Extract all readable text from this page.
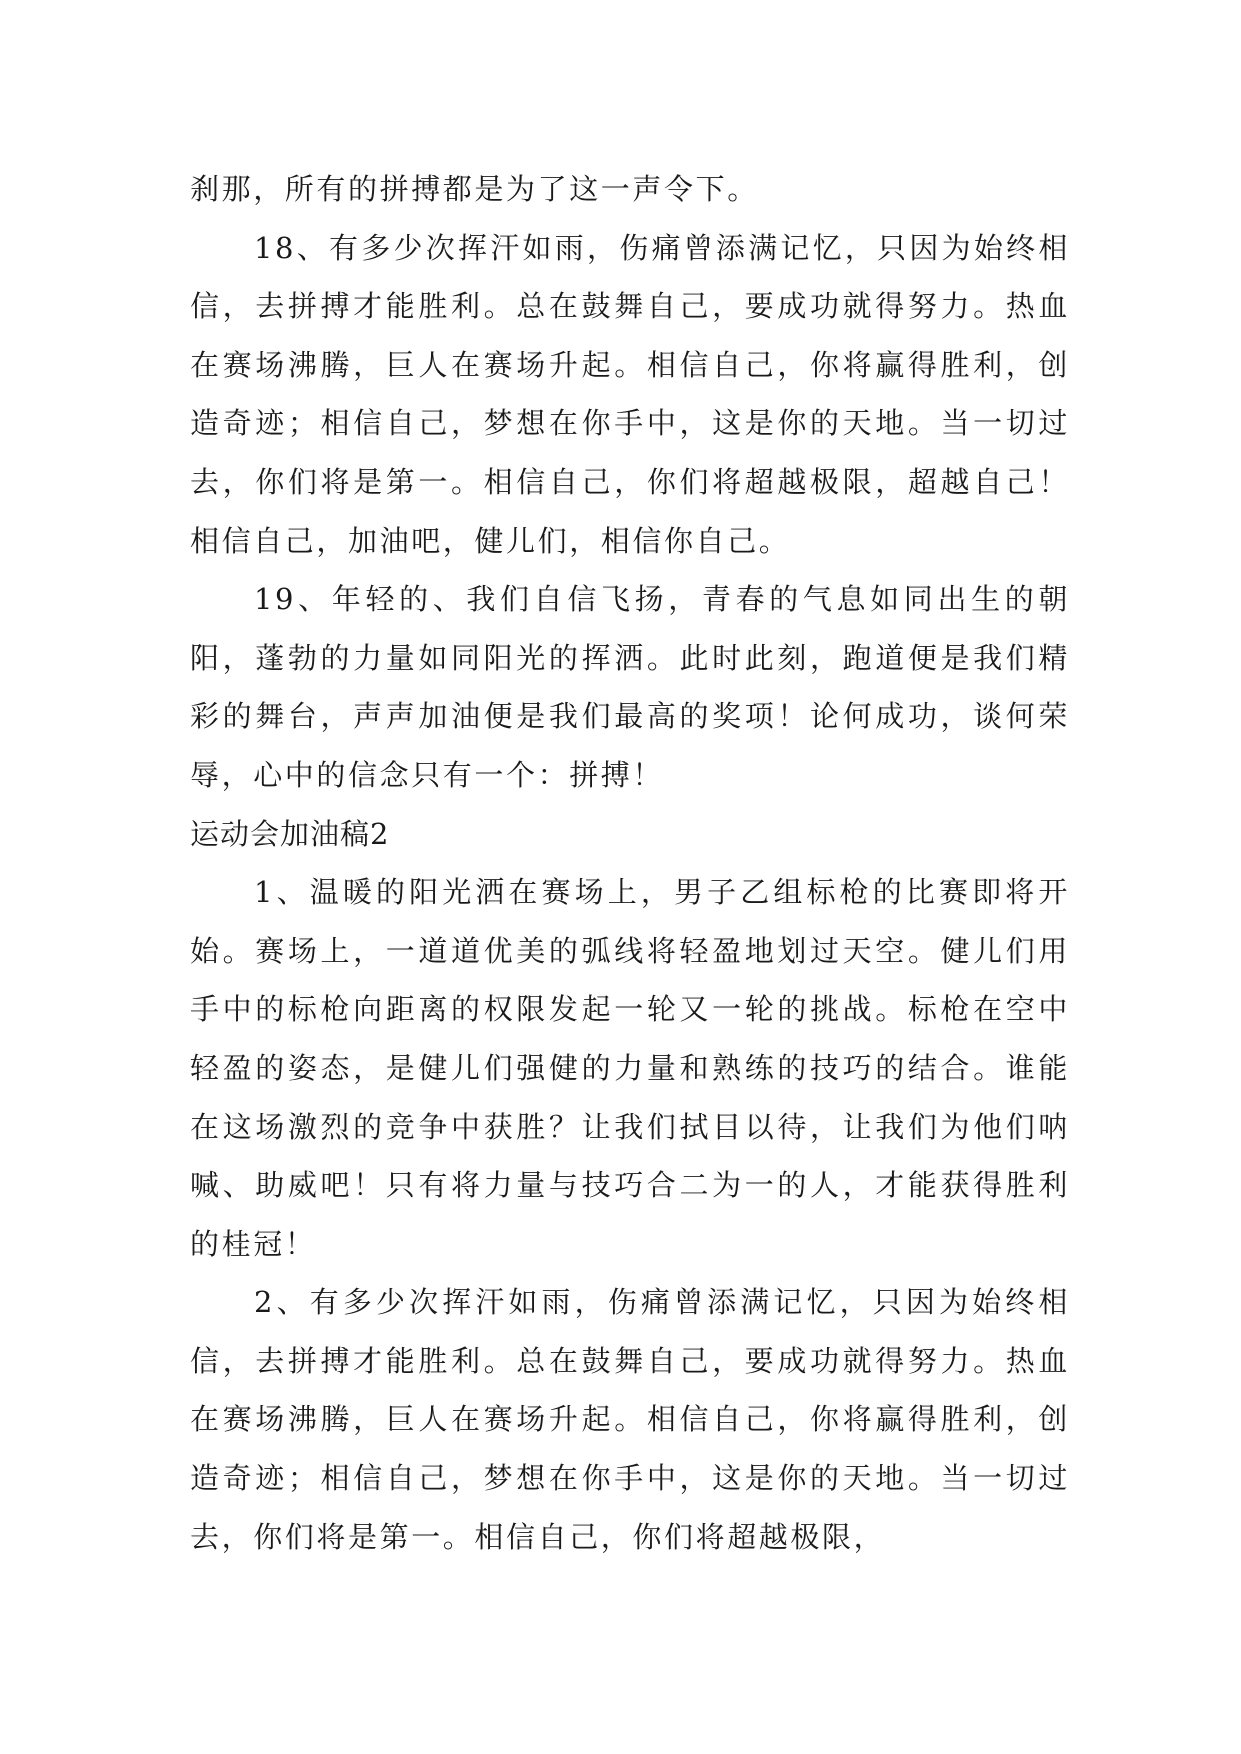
刹那，所有的拼搏都是为了这一声令下。

18、有多少次挥汗如雨，伤痛曾添满记忆，只因为始终相信，去拼搏才能胜利。总在鼓舞自己，要成功就得努力。热血在赛场沸腾，巨人在赛场升起。相信自己，你将赢得胜利，创造奇迹；相信自己，梦想在你手中，这是你的天地。当一切过去，你们将是第一。相信自己，你们将超越极限，超越自己！相信自己，加油吧，健儿们，相信你自己。

19、年轻的、我们自信飞扬，青春的气息如同出生的朝阳，蓬勃的力量如同阳光的挥洒。此时此刻，跑道便是我们精彩的舞台，声声加油便是我们最高的奖项！论何成功，谈何荣辱，心中的信念只有一个：拼搏！

运动会加油稿2

1、温暖的阳光洒在赛场上，男子乙组标枪的比赛即将开始。赛场上，一道道优美的弧线将轻盈地划过天空。健儿们用手中的标枪向距离的权限发起一轮又一轮的挑战。标枪在空中轻盈的姿态，是健儿们强健的力量和熟练的技巧的结合。谁能在这场激烈的竞争中获胜？让我们拭目以待，让我们为他们呐喊、助威吧！只有将力量与技巧合二为一的人，才能获得胜利的桂冠！

2、有多少次挥汗如雨，伤痛曾添满记忆，只因为始终相信，去拼搏才能胜利。总在鼓舞自己，要成功就得努力。热血在赛场沸腾，巨人在赛场升起。相信自己，你将赢得胜利，创造奇迹；相信自己，梦想在你手中，这是你的天地。当一切过去，你们将是第一。相信自己，你们将超越极限，
